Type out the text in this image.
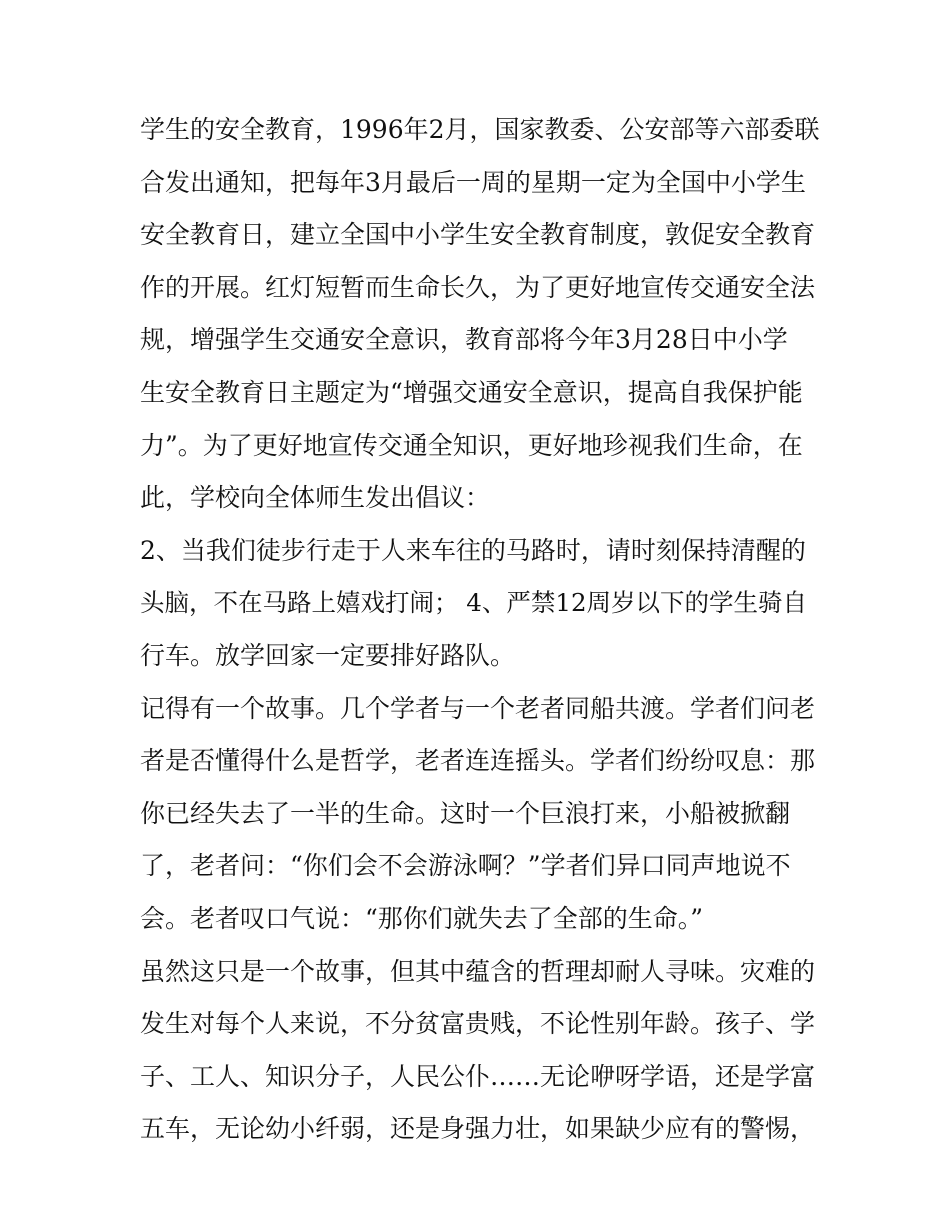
学生的安全教育，1996年2月，国家教委、公安部等六部委联
合发出通知，把每年3月最后一周的星期一定为全国中小学生
安全教育日，建立全国中小学生安全教育制度，敦促安全教育
作的开展。红灯短暂而生命长久，为了更好地宣传交通安全法
规，增强学生交通安全意识，教育部将今年3月28日中小学
生安全教育日主题定为“增强交通安全意识，提高自我保护能
力”。为了更好地宣传交通全知识，更好地珍视我们生命，在
此，学校向全体师生发出倡议：
2、当我们徒步行走于人来车往的马路时，请时刻保持清醒的
头脑，不在马路上嬉戏打闹； 4、严禁12周岁以下的学生骑自
行车。放学回家一定要排好路队。
记得有一个故事。几个学者与一个老者同船共渡。学者们问老
者是否懂得什么是哲学，老者连连摇头。学者们纷纷叹息：那
你已经失去了一半的生命。这时一个巨浪打来，小船被掀翻
了，老者问：“你们会不会游泳啊？”学者们异口同声地说不
会。老者叹口气说：“那你们就失去了全部的生命。”
虽然这只是一个故事，但其中蕴含的哲理却耐人寻味。灾难的
发生对每个人来说，不分贫富贵贱，不论性别年龄。孩子、学
子、工人、知识分子，人民公仆……无论咿呀学语，还是学富
五车，无论幼小纤弱，还是身强力壮，如果缺少应有的警惕，
